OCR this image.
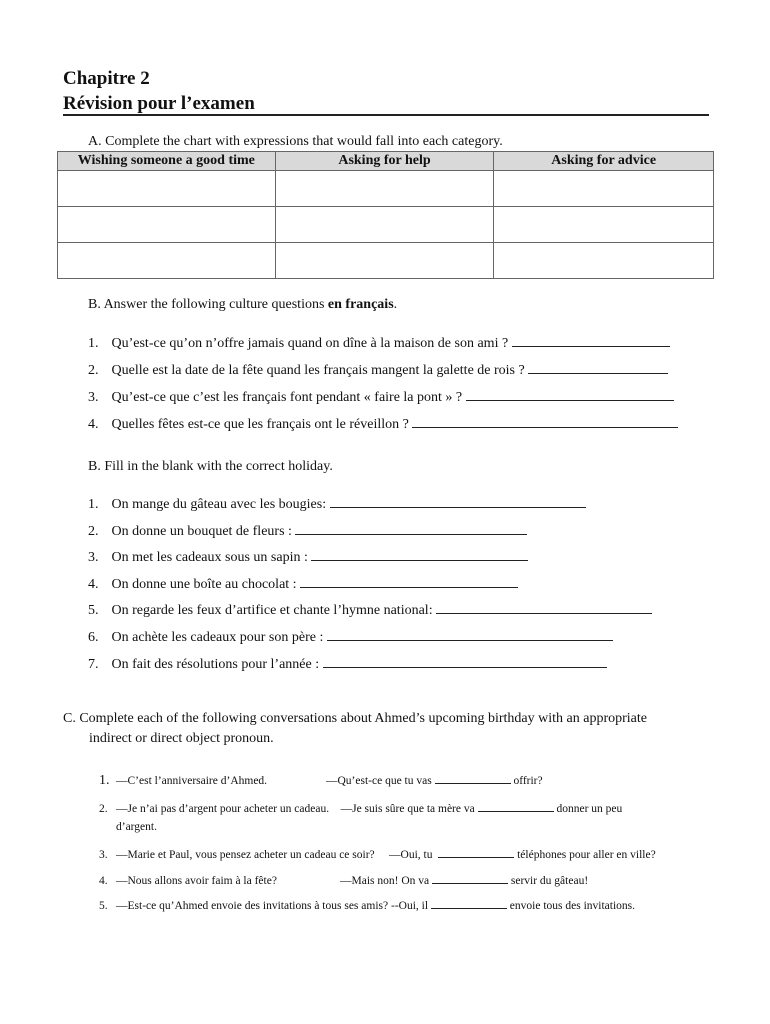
Chapitre 2
Révision pour l’examen
A. Complete the chart with expressions that would fall into each category.
Wishing someone a good time	Asking for help	Asking for advice

B. Answer the following culture questions en français.
1. Qu’est-ce qu’on n’offre jamais quand on dîne à la maison de son ami ?
2. Quelle est la date de la fête quand les français mangent la galette de rois ?
3. Qu’est-ce que c’est les français font pendant « faire la pont » ?
4. Quelles fêtes est-ce que les français ont le réveillon ?
B. Fill in the blank with the correct holiday.
1. On mange du gâteau avec les bougies:
2. On donne un bouquet de fleurs :
3. On met les cadeaux sous un sapin :
4. On donne une boîte au chocolat :
5. On regarde les feux d’artifice et chante l’hymne national:
6. On achète les cadeaux pour son père :
7. On fait des résolutions pour l’année :
C. Complete each of the following conversations about Ahmed’s upcoming birthday with an appropriate
indirect or direct object pronoun.
1. —C’est l’anniversaire d’Ahmed.	—Qu’est-ce que tu vas	offrir?
2. —Je n’ai pas d’argent pour acheter un cadeau. —Je suis sûre que ta mère va	donner un peu
d’argent.
3. —Marie et Paul, vous pensez acheter un cadeau ce soir? —Oui, tu	téléphones pour aller en ville?
4. —Nous allons avoir faim à la fête?	—Mais non! On va	servir du gâteau!
5. —Est-ce qu’Ahmed envoie des invitations à tous ses amis? --Oui, il	envoie tous des invitations.
